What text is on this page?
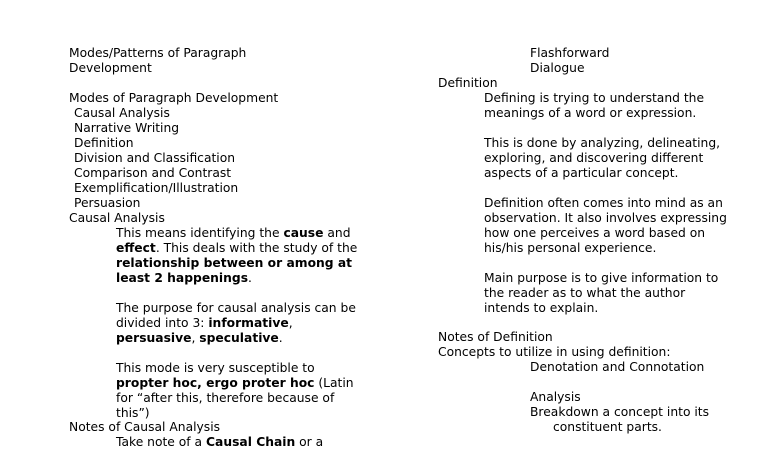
Modes/Patterns of Paragraph
Development
Modes of Paragraph Development
Causal Analysis
Narrative Writing
Definition
Division and Classification
Comparison and Contrast
Exemplification/Illustration
Persuasion
Causal Analysis
This means identifying the cause and
effect. This deals with the study of the
relationship between or among at
least 2 happenings.
The purpose for causal analysis can be
divided into 3: informative,
persuasive, speculative.
This mode is very susceptible to
propter hoc, ergo proter hoc (Latin
for “after this, therefore because of
this”)
Notes of Causal Analysis
Take note of a Causal Chain or a
Flashforward
Dialogue
Definition
Defining is trying to understand the
meanings of a word or expression.
This is done by analyzing, delineating,
exploring, and discovering different
aspects of a particular concept.
Definition often comes into mind as an
observation. It also involves expressing
how one perceives a word based on
his/his personal experience.
Main purpose is to give information to
the reader as to what the author
intends to explain.
Notes of Definition
Concepts to utilize in using definition:
Denotation and Connotation
Analysis
Breakdown a concept into its
constituent parts.
